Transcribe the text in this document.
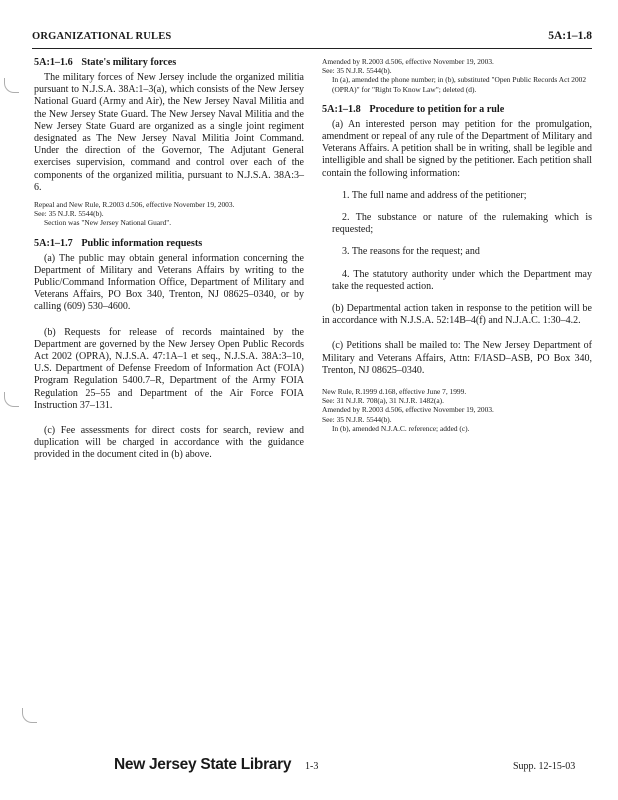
ORGANIZATIONAL RULES	5A:1–1.8
5A:1–1.6 State's military forces

The military forces of New Jersey include the organized militia pursuant to N.J.S.A. 38A:1–3(a), which consists of the New Jersey National Guard (Army and Air), the New Jersey Naval Militia and the New Jersey State Guard. The New Jersey Naval Militia and the New Jersey State Guard are organized as a single joint regiment designated as The New Jersey Naval Militia Joint Command. Under the direction of the Governor, The Adjutant General exercises supervision, command and control over each of the components of the organized militia, pursuant to N.J.S.A. 38A:3–6.

Repeal and New Rule, R.2003 d.506, effective November 19, 2003.
See: 35 N.J.R. 5544(b).
Section was "New Jersey National Guard".
5A:1–1.7 Public information requests

(a) The public may obtain general information concerning the Department of Military and Veterans Affairs by writing to the Public/Command Information Office, Department of Military and Veterans Affairs, PO Box 340, Trenton, NJ 08625–0340, or by calling (609) 530–4600.

(b) Requests for release of records maintained by the Department are governed by the New Jersey Open Public Records Act 2002 (OPRA), N.J.S.A. 47:1A–1 et seq., N.J.S.A. 38A:3–10, U.S. Department of Defense Freedom of Information Act (FOIA) Program Regulation 5400.7–R, Department of the Army FOIA Regulation 25–55 and Department of the Air Force FOIA Instruction 37–131.

(c) Fee assessments for direct costs for search, review and duplication will be charged in accordance with the guidance provided in the document cited in (b) above.

Amended by R.2003 d.506, effective November 19, 2003.
See: 35 N.J.R. 5544(b).
In (a), amended the phone number; in (b), substituted "Open Public Records Act 2002 (OPRA)" for "Right To Know Law"; deleted (d).
5A:1–1.8 Procedure to petition for a rule

(a) An interested person may petition for the promulgation, amendment or repeal of any rule of the Department of Military and Veterans Affairs. A petition shall be in writing, shall be legible and intelligible and shall be signed by the petitioner. Each petition shall contain the following information:

1. The full name and address of the petitioner;
2. The substance or nature of the rulemaking which is requested;
3. The reasons for the request; and
4. The statutory authority under which the Department may take the requested action.

(b) Departmental action taken in response to the petition will be in accordance with N.J.S.A. 52:14B–4(f) and N.J.A.C. 1:30–4.2.

(c) Petitions shall be mailed to: The New Jersey Department of Military and Veterans Affairs, Attn: F/IASD–ASB, PO Box 340, Trenton, NJ 08625–0340.

New Rule, R.1999 d.168, effective June 7, 1999.
See: 31 N.J.R. 708(a), 31 N.J.R. 1482(a).
Amended by R.2003 d.506, effective November 19, 2003.
See: 35 N.J.R. 5544(b).
In (b), amended N.J.A.C. reference; added (c).
New Jersey State Library 1-3	Supp. 12-15-03
